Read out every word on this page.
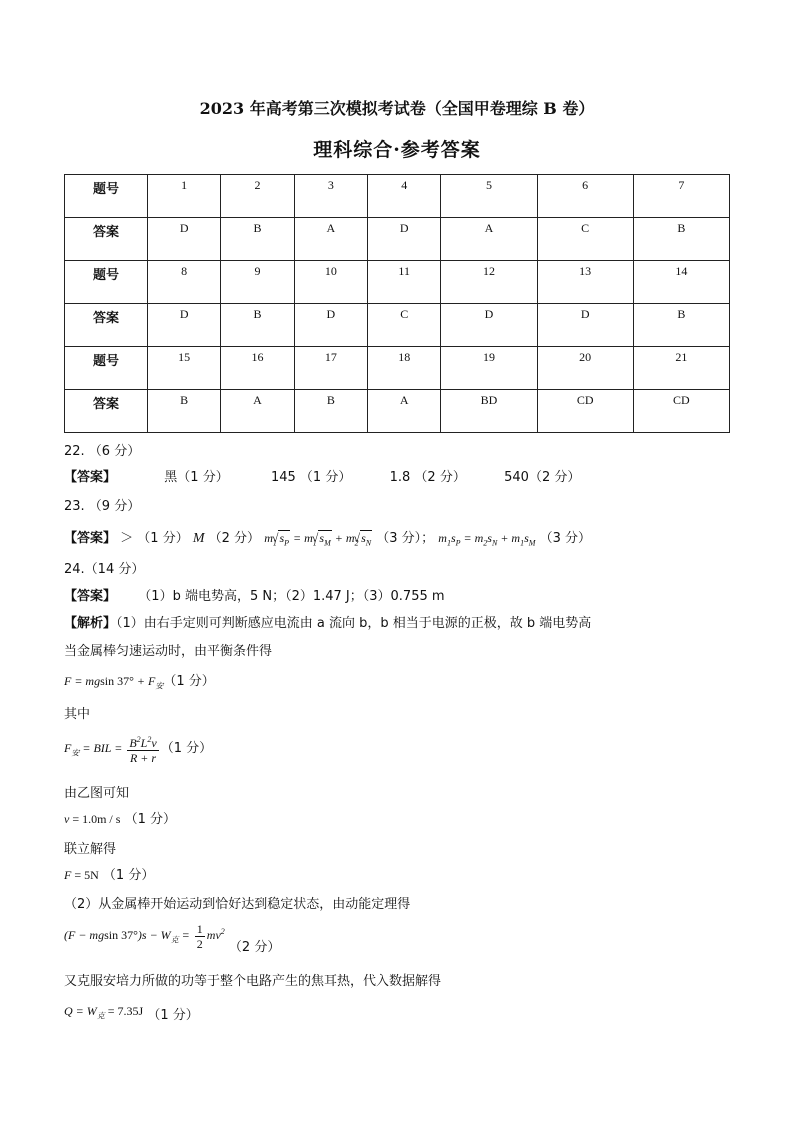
2023 年高考第三次模拟考试卷（全国甲卷理综 B 卷）
理科综合·参考答案
题号	1	2	3	4	5	6	7
答案	D	B	A	D	A	C	B
题号	8	9	10	11	12	13	14
答案	D	B	D	C	D	D	B
题号	15	16	17	18	19	20	21
答案	B	A	B	A	BD	CD	CD
22. （6 分）
【答案】	黑（1 分）	145 （1 分）	1.8 （2 分）	540（2 分）
23. （9 分）
【答案】 ＞ （1 分） M （2 分） $m_1$ √ $s_P = m_1$ √ $s_M + m_2$ √ $s_N$ （3 分）； $m_1s_P = m_2s_N + m_1s_M$ （3 分）
24.（14 分）
【答案】 （1）b 端电势高，5 N；（2）1.47 J；（3）0.755 m
【解析】（1）由右手定则可判断感应电流由 a 流向 b，b 相当于电源的正极，故 b 端电势高
当金属棒匀速运动时，由平衡条件得
F = mgsin $37^\circ + F_安(1$ 分）
其中
$F_安$ = BIL = $\frac{B^2L^2v}{R + r} (1$ 分）
由乙图可知
v = 1.0m / s （1 分）
联立解得
F = 5N （1 分）
（2）从金属棒开始运动到恰好达到稳定状态，由动能定理得
(F − mgsin $37^\circ)s - W_克 = \frac{1}{2} mv^2$ （2 分）
又克服安培力所做的功等于整个电路产生的焦耳热，代入数据解得
$Q = W_克 = 7.35J$ （1 分）
